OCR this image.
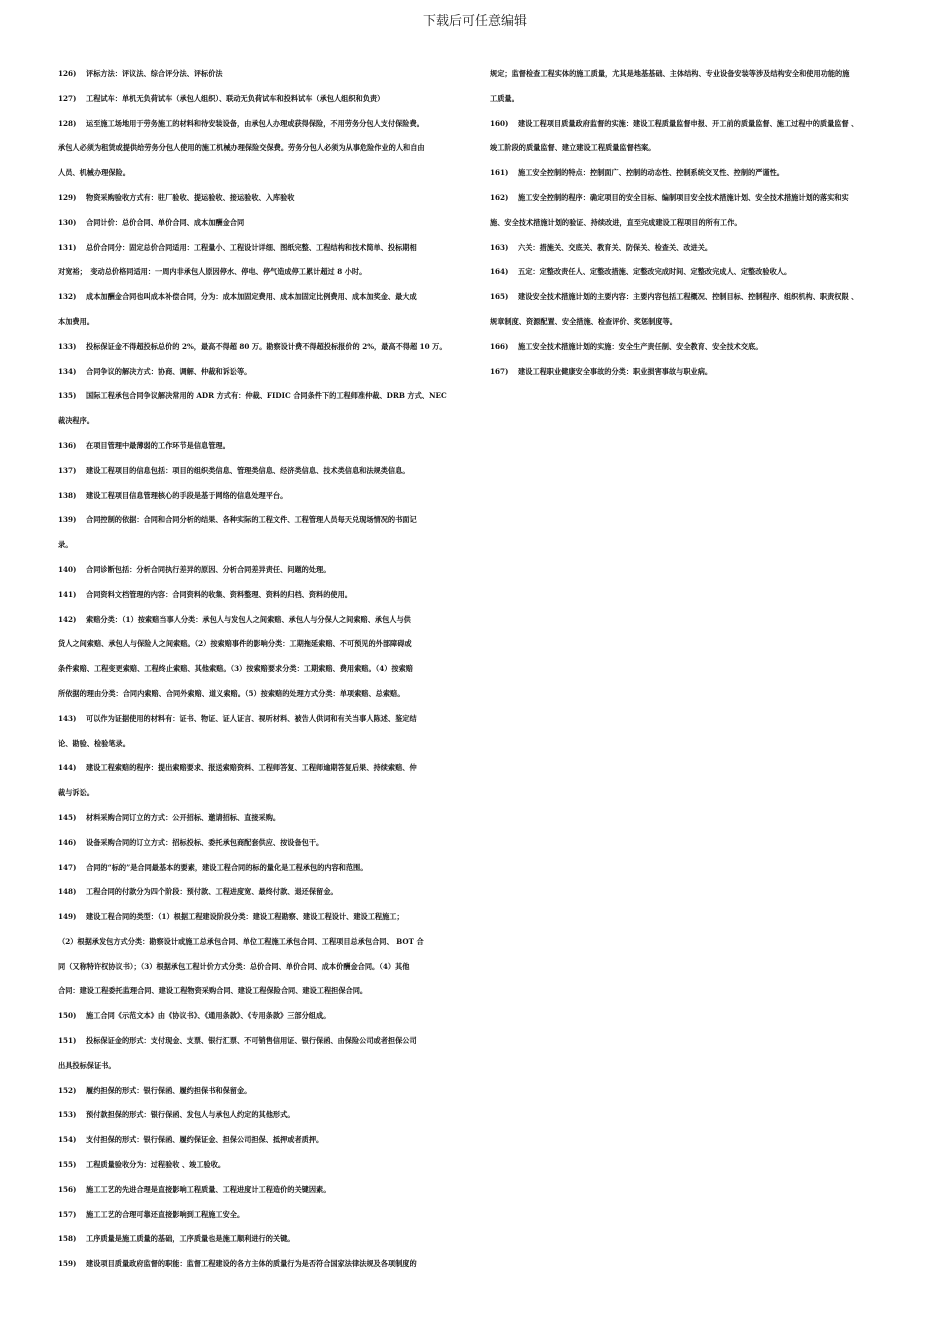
下载后可任意编辑
126) 评标方法：评议法、综合评分法、评标价法
127) 工程试车：单机无负荷试车（承包人组织）、联动无负荷试车和投料试车（承包人组织和负责）
128) 运至施工场地用于劳务施工的材料和待安装设备，由承包人办理或获得保险，不用劳务分包人支付保险费。
承包人必须为租赁或提供给劳务分包人使用的施工机械办理保险交保费。劳务分包人必须为从事危险作业的人和自由
人员、机械办理保险。
129) 物资采购验收方式有：驻厂验收、提运验收、接运验收、入库验收
130) 合同计价：总价合同、单价合同、成本加酬金合同
131) 总价合同分：固定总价合同适用：工程量小、工程设计详细、图纸完整、工程结构和技术简单、投标期相
对宽裕；　变动总价格同适用：一周内非承包人原因停水、停电、停气造成停工累计超过 8 小时。
132) 成本加酬金合同也叫成本补偿合同，分为：成本加固定费用、成本加固定比例费用、成本加奖金、最大成
本加费用。
133) 投标保证金不得超投标总价的 2%，最高不得超 80 万。勘察设计费不得超投标报价的 2%，最高不得超 10 万。
134) 合同争议的解决方式：协商、调解、仲裁和诉讼等。
135) 国际工程承包合同争议解决常用的 ADR 方式有：仲裁、FIDIC 合同条件下的工程师准仲裁、DRB 方式、NEC
裁决程序。
136) 在项目管理中最薄弱的工作环节是信息管理。
137) 建设工程项目的信息包括：项目的组织类信息、管理类信息、经济类信息、技术类信息和法规类信息。
138) 建设工程项目信息管理核心的手段是基于网络的信息处理平台。
139) 合同控制的依据：合同和合同分析的结果、各种实际的工程文件、工程管理人员每天兑现场情况的书面记
录。
140) 合同诊断包括：分析合同执行差异的原因、分析合同差异责任、问题的处理。
141) 合同资料文档管理的内容：合同资料的收集、资料整理、资料的归档、资料的使用。
142) 索赔分类：（1）按索赔当事人分类：承包人与发包人之间索赔、承包人与分保人之间索赔、承包人与供
货人之间索赔、承包人与保险人之间索赔。（2）按索赔事件的影响分类：工期拖延索赔、不可预见的外部障碍或
条件索赔、工程变更索赔、工程终止索赔、其他索赔。（3）按索赔要求分类：工期索赔、费用索赔。（4）按索赔
所依据的理由分类：合同内索赔、合同外索赔、道义索赔。（5）按索赔的处理方式分类：单项索赔、总索赔。
143) 可以作为证据使用的材料有：证书、物证、证人证言、视听材料、被告人供词和有关当事人陈述、鉴定结
论、勘验、检验笔录。
144) 建设工程索赔的程序：提出索赔要求、报送索赔资料、工程师答复、工程师逾期答复后果、持续索赔、仲
裁与诉讼。
145) 材料采购合同订立的方式：公开招标、邀请招标、直接采购。
146) 设备采购合同的订立方式：招标投标、委托承包商配套供应、按设备包干。
147) 合同的“标的”是合同最基本的要素，建设工程合同的标的量化是工程承包的内容和范围。
148) 工程合同的付款分为四个阶段：预付款、工程进度宽、最终付款、退还保留金。
149) 建设工程合同的类型：（1）根据工程建设阶段分类：建设工程勘察、建设工程设计、建设工程施工；
（2）根据承发包方式分类：勘察设计或施工总承包合同、单位工程施工承包合同、工程项目总承包合同、 BOT 合
同（又称特许权协议书）；（3）根据承包工程计价方式分类：总价合同、单价合同、成本价酬金合同。（4）其他
合同：建设工程委托监理合同、建设工程物资采购合同、建设工程保险合同、建设工程担保合同。
150) 施工合同《示范文本》由《协议书》、《通用条款》、《专用条款》三部分组成。
151) 投标保证金的形式：支付现金、支票、银行汇票、不可销售信用证、银行保函、由保险公司或者担保公司
出具投标保证书。
152) 履约担保的形式：银行保函、履约担保书和保留金。
153) 预付款担保的形式：银行保函、发包人与承包人约定的其他形式。
154) 支付担保的形式：银行保函、履约保证金、担保公司担保、抵押或者质押。
155) 工程质量验收分为：过程验收 、竣工验收。
156) 施工工艺的先进合理是直接影响工程质量、工程进度计工程造价的关键因素。
157) 施工工艺的合理可靠还直接影响到工程施工安全。
158) 工序质量是施工质量的基础，工序质量也是施工顺利进行的关键。
159) 建设项目质量政府监督的职能：监督工程建设的各方主体的质量行为是否符合国家法律法规及各项制度的
规定；监督检查工程实体的施工质量，尤其是地基基础、主体结构、专业设备安装等涉及结构安全和使用功能的施
工质量。
160) 建设工程项目质量政府监督的实施：建设工程质量监督申报、开工前的质量监督、施工过程中的质量监督 、
竣工阶段的质量监督、建立建设工程质量监督档案。
161) 施工安全控制的特点：控制面广、控制的动态性、控制系统交叉性、控制的严谨性。
162) 施工安全控制的程序：确定项目的安全目标、编制项目安全技术措施计划、安全技术措施计划的落实和实
施、安全技术措施计划的验证、持续改进，直至完成建设工程项目的所有工作。
163) 六关：措施关、交底关、教育关、防保关、检查关、改进关。
164) 五定：定整改责任人、定整改措施、定整改完成时间、定整改完成人、定整改验收人。
165) 建设安全技术措施计划的主要内容：主要内容包括工程概况、控制目标、控制程序、组织机构、职责权限 、
规章制度、资源配置、安全措施、检查评价、奖惩制度等。
166) 施工安全技术措施计划的实施：安全生产责任制、安全教育、安全技术交底。
167) 建设工程职业健康安全事故的分类：职业损害事故与职业病。
